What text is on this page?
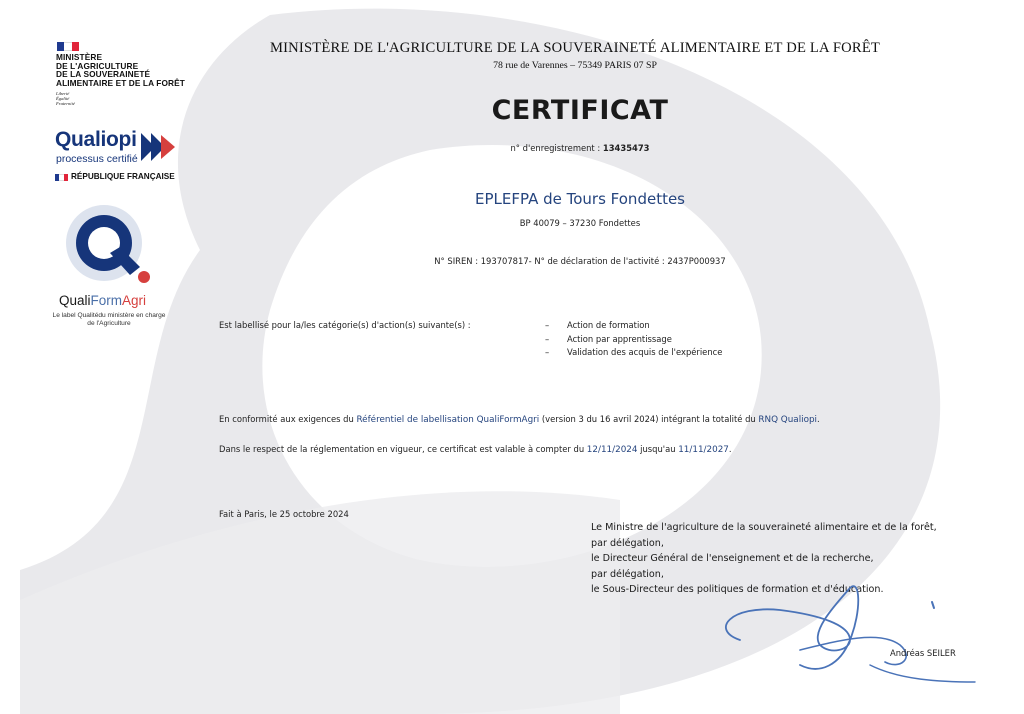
MINISTÈRE
DE L'AGRICULTURE
DE LA SOUVERAINETÉ
ALIMENTAIRE ET DE LA FORÊT
Liberté
Égalité
Fraternité
Qualiopi
processus certifié
RÉPUBLIQUE FRANÇAISE
QualiFormAgri
Le label Qualitédu ministère en charge de l'Agriculture
MINISTÈRE DE L'AGRICULTURE DE LA SOUVERAINETÉ ALIMENTAIRE ET DE LA FORÊT
78 rue de Varennes – 75349 PARIS 07 SP
CERTIFICAT
n° d'enregistrement : 13435473
EPLEFPA de Tours Fondettes
BP 40079 – 37230 Fondettes
N° SIREN : 193707817- N° de déclaration de l'activité : 2437P000937
Est labellisé pour la/les catégorie(s) d'action(s) suivante(s) :	–	Action de formation
–	Action par apprentissage
–	Validation des acquis de l'expérience
En conformité aux exigences du Référentiel de labellisation QualiFormAgri (version 3 du 16 avril 2024) intégrant la totalité du RNQ Qualiopi.
Dans le respect de la réglementation en vigueur, ce certificat est valable à compter du 12/11/2024 jusqu'au 11/11/2027.
Fait à Paris, le 25 octobre 2024
Le Ministre de l'agriculture de la souveraineté alimentaire et de la forêt,
par délégation,
le Directeur Général de l'enseignement et de la recherche,
par délégation,
le Sous-Directeur des politiques de formation et d'éducation.
Andréas SEILER
